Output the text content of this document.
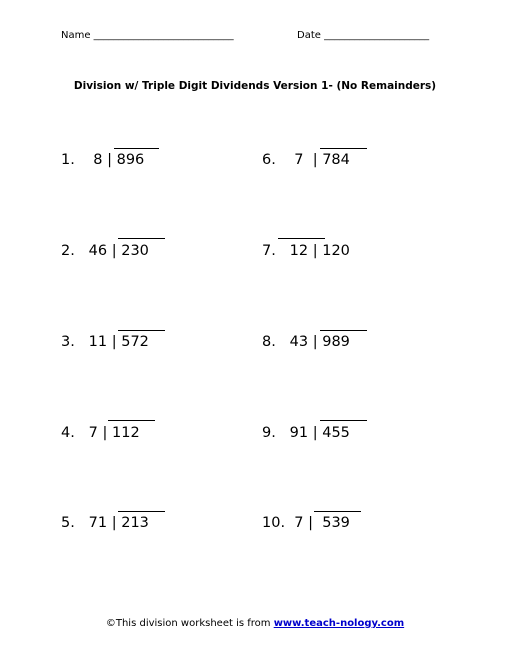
Name ____________________________	Date _____________________
Division w/ Triple Digit Dividends Version 1- (No Remainders)
1.    8 | 896
2.   46 | 230
3.   11 | 572
4.   7 | 112
5.   71 | 213
6.    7  | 784
7.   12 | 120
8.   43 | 989
9.   91 | 455
10.  7 |  539
©This division worksheet is from www.teach-nology.com
